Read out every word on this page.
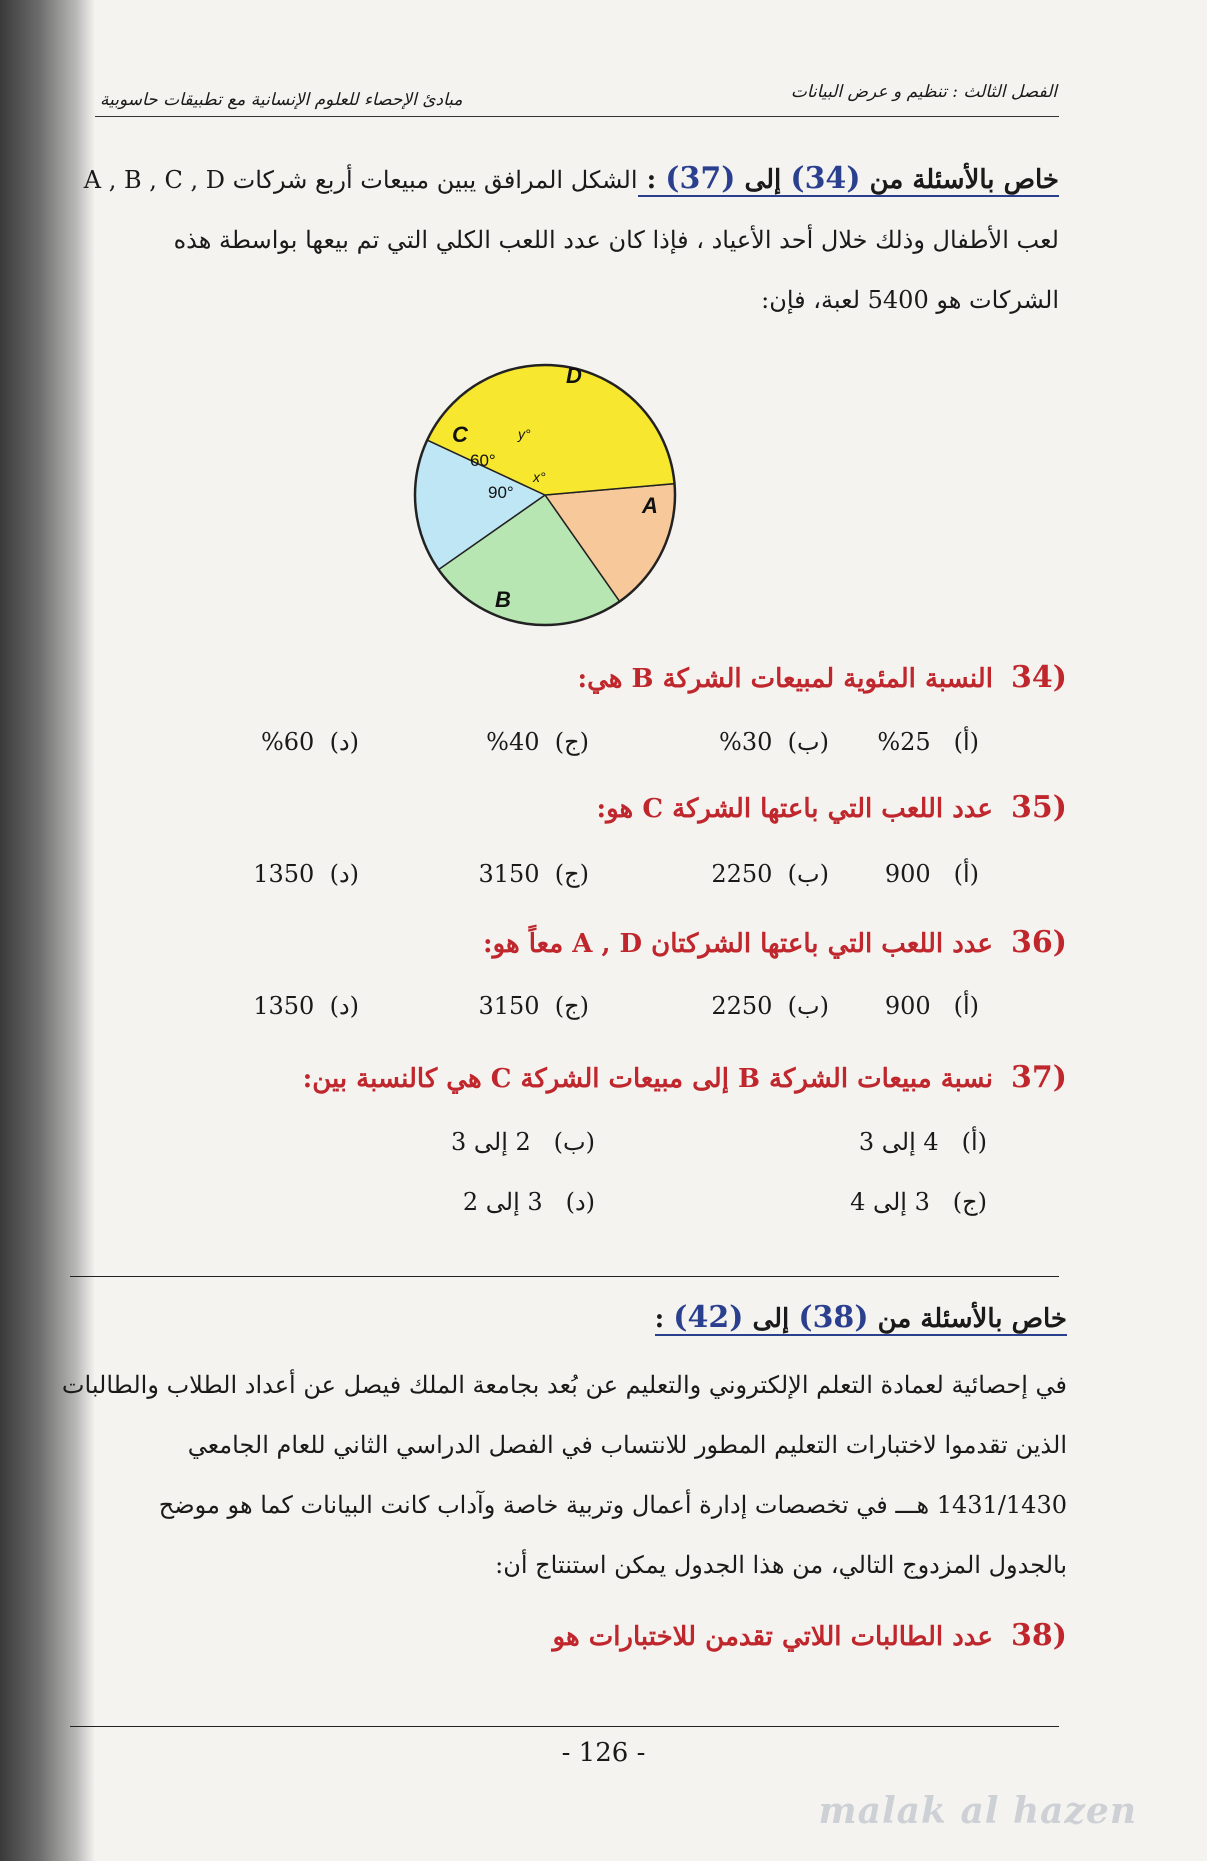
الفصل الثالث : تنظيم و عرض البيانات
مبادئ الإحصاء للعلوم الإنسانية مع تطبيقات حاسوبية
خاص بالأسئلة من (34) إلى (37) : الشكل المرافق يبين مبيعات أربع شركات A , B , C , D
لعب الأطفال وذلك خلال أحد الأعياد ، فإذا كان عدد اللعب الكلي التي تم بيعها بواسطة هذه
الشركات هو 5400 لعبة، فإن:
A
B
C
D
60°
90°
x°
y°
(34  النسبة المئوية لمبيعات الشركة B هي:
(أ)   25%
(ب)  30%
(ج)  40%
(د)  60%
(35  عدد اللعب التي باعتها الشركة C هو:
(أ)   900
(ب)  2250
(ج)  3150
(د)  1350
(36  عدد اللعب التي باعتها الشركتان A , D معاً هو:
(أ)   900
(ب)  2250
(ج)  3150
(د)  1350
(37  نسبة مبيعات الشركة B إلى مبيعات الشركة C هي كالنسبة بين:
(أ)   4 إلى 3
(ب)   2 إلى 3
(ج)   3 إلى 4
(د)   3 إلى 2
خاص بالأسئلة من (38) إلى (42) :
في إحصائية لعمادة التعلم الإلكتروني والتعليم عن بُعد بجامعة الملك فيصل عن أعداد الطلاب والطالبات
الذين تقدموا لاختبارات التعليم المطور للانتساب في الفصل الدراسي الثاني للعام الجامعي
1431/1430 هـــ في تخصصات إدارة أعمال وتربية خاصة وآداب كانت البيانات كما هو موضح
بالجدول المزدوج التالي، من هذا الجدول يمكن استنتاج أن:
(38  عدد الطالبات اللاتي تقدمن للاختبارات هو
- 126 -
malak al hazen
